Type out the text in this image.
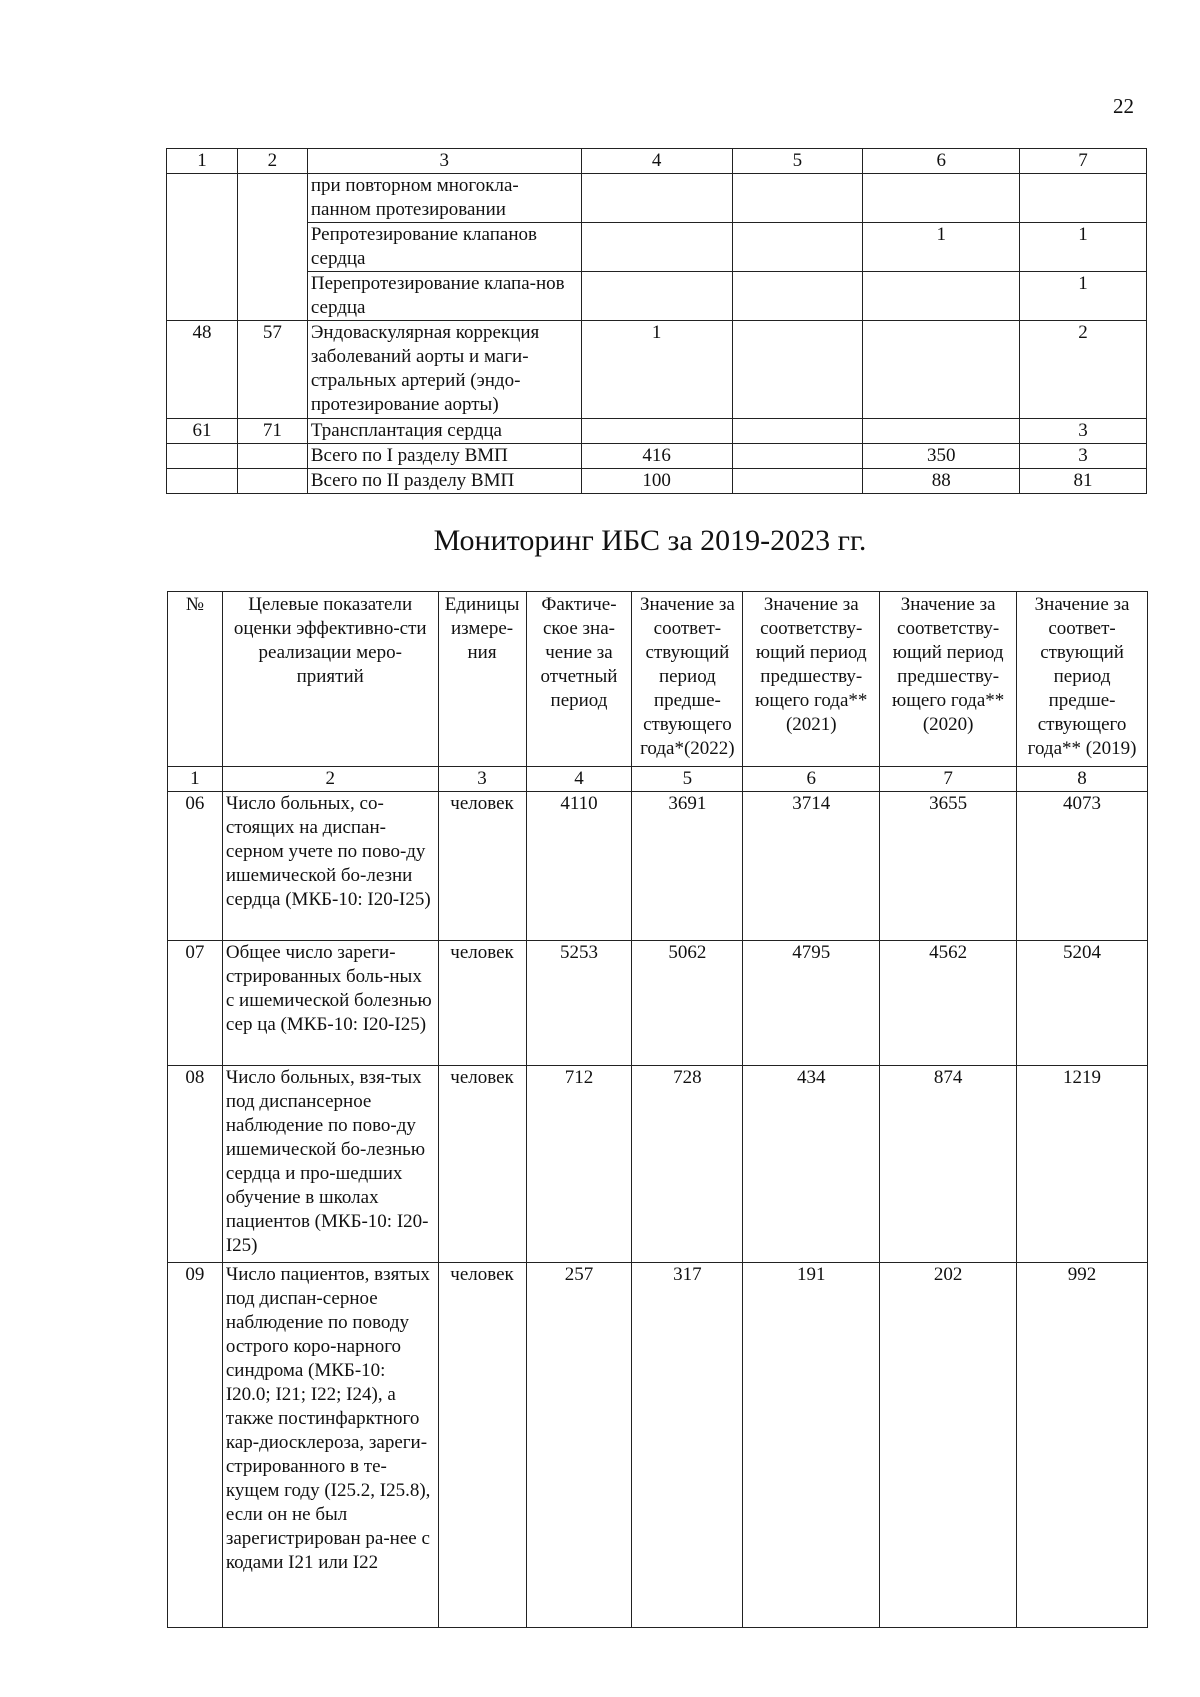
22
1	2	3	4	5	6	7
		при повторном многокла-панном протезировании				
		Репротезирование клапанов сердца			1	1
		Перепротезирование клапа-нов сердца				1
48	57	Эндоваскулярная коррекция заболеваний аорты и маги-стральных артерий (эндо-протезирование аорты)	1			2
61	71	Трансплантация сердца				3
		Всего по I разделу ВМП	416		350	3
		Всего по II разделу ВМП	100		88	81
Мониторинг ИБС за 2019-2023 гг.
№	Целевые показатели оценки эффективно-сти реализации меро-приятий	Единицы измере-ния	Фактиче-ское зна-чение за отчетный период	Значение за соответ-ствующий период предше-ствующего года*(2022)	Значение за соответству-ющий период предшеству-ющего года** (2021)	Значение за соответству-ющий период предшеству-ющего года** (2020)	Значение за соответ-ствующий период предше-ствующего года** (2019)
1	2	3	4	5	6	7	8
06	Число больных, со-стоящих на диспан-серном учете по пово-ду ишемической бо-лезни сердца (МКБ-10: I20-I25)	человек	4110	3691	3714	3655	4073
07	Общее число зареги-стрированных боль-ных с ишемической болезнью сер ца (МКБ-10: I20-I25)	человек	5253	5062	4795	4562	5204
08	Число больных, взя-тых под диспансерное наблюдение по пово-ду ишемической бо-лезнью сердца и про-шедших обучение в школах пациентов (МКБ-10: I20-I25)	человек	712	728	434	874	1219
09	Число пациентов, взятых под диспан-серное наблюдение по поводу острого коро-нарного синдрома (МКБ-10: I20.0; I21; I22; I24), а также постинфарктного кар-диосклероза, зареги-стрированного в те-кущем году (I25.2, I25.8), если он не был зарегистрирован ра-нее с кодами I21 или I22	человек	257	317	191	202	992
